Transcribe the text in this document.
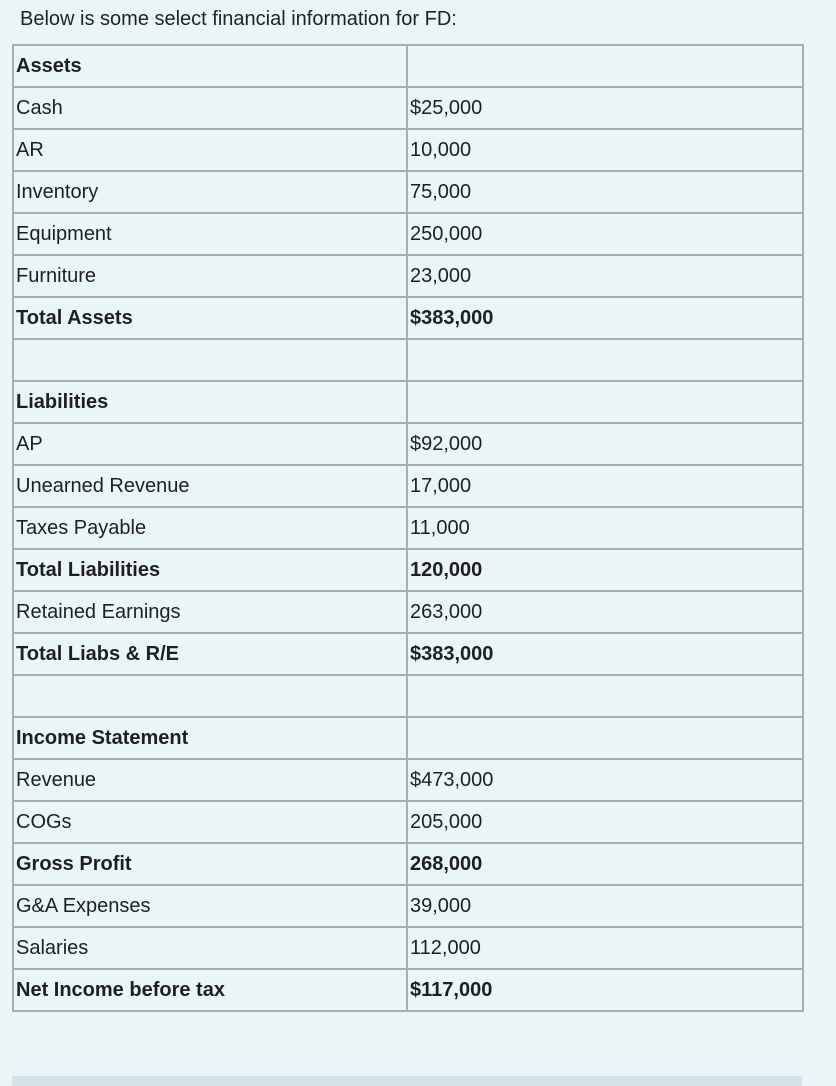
Below is some select financial information for FD:
Assets	
Cash	$25,000
AR	10,000
Inventory	75,000
Equipment	250,000
Furniture	23,000
Total Assets	$383,000

Liabilities	
AP	$92,000
Unearned Revenue	17,000
Taxes Payable	11,000
Total Liabilities	120,000
Retained Earnings	263,000
Total Liabs & R/E	$383,000

Income Statement	
Revenue	$473,000
COGs	205,000
Gross Profit	268,000
G&A Expenses	39,000
Salaries	112,000
Net Income before tax	$117,000
